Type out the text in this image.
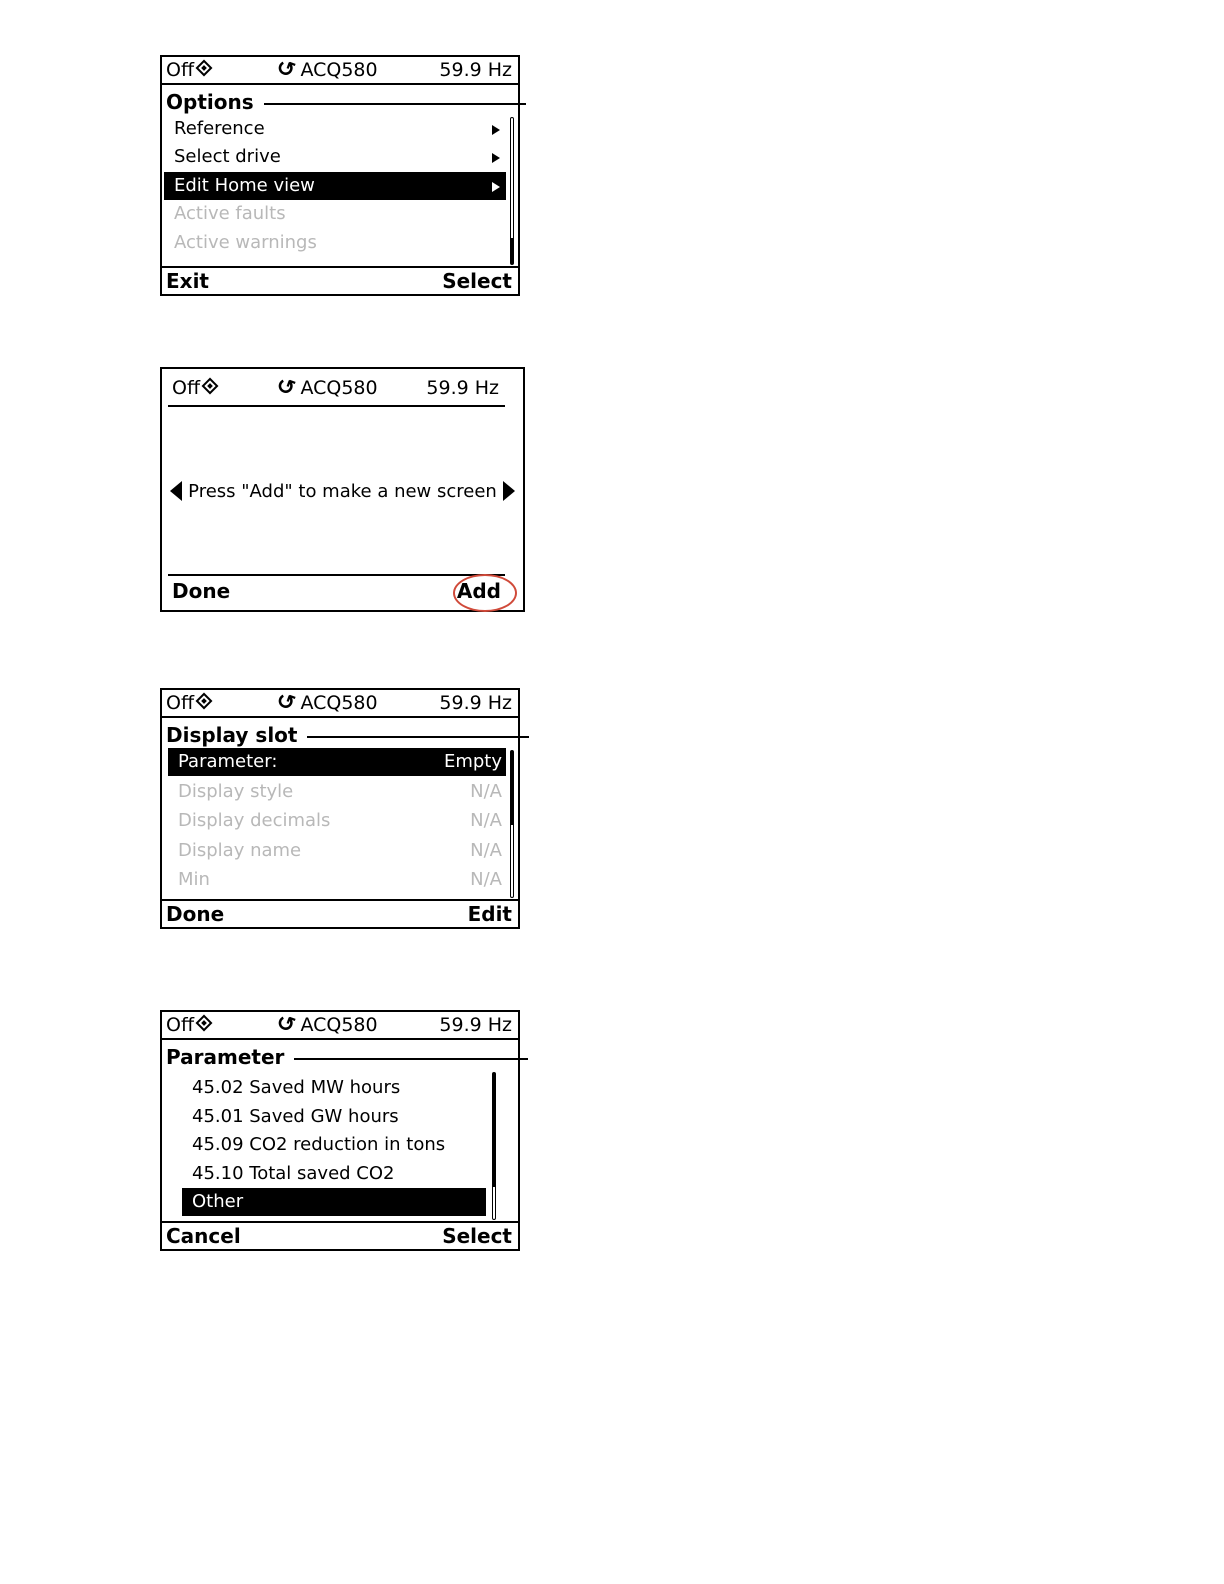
Off	↻ ACQ580	59.9 Hz
Options
Reference
Select drive
Edit Home view
Active faults
Active warnings
Exit	Select
Off	↻ ACQ580	59.9 Hz
Press "Add" to make a new screen
Done	Add
Off	↻ ACQ580	59.9 Hz
Display slot
Parameter:	Empty
Display style	N/A
Display decimals	N/A
Display name	N/A
Min	N/A
Done	Edit
Off	↻ ACQ580	59.9 Hz
Parameter
45.02 Saved MW hours
45.01 Saved GW hours
45.09 CO2 reduction in tons
45.10 Total saved CO2
Other
Cancel	Select
